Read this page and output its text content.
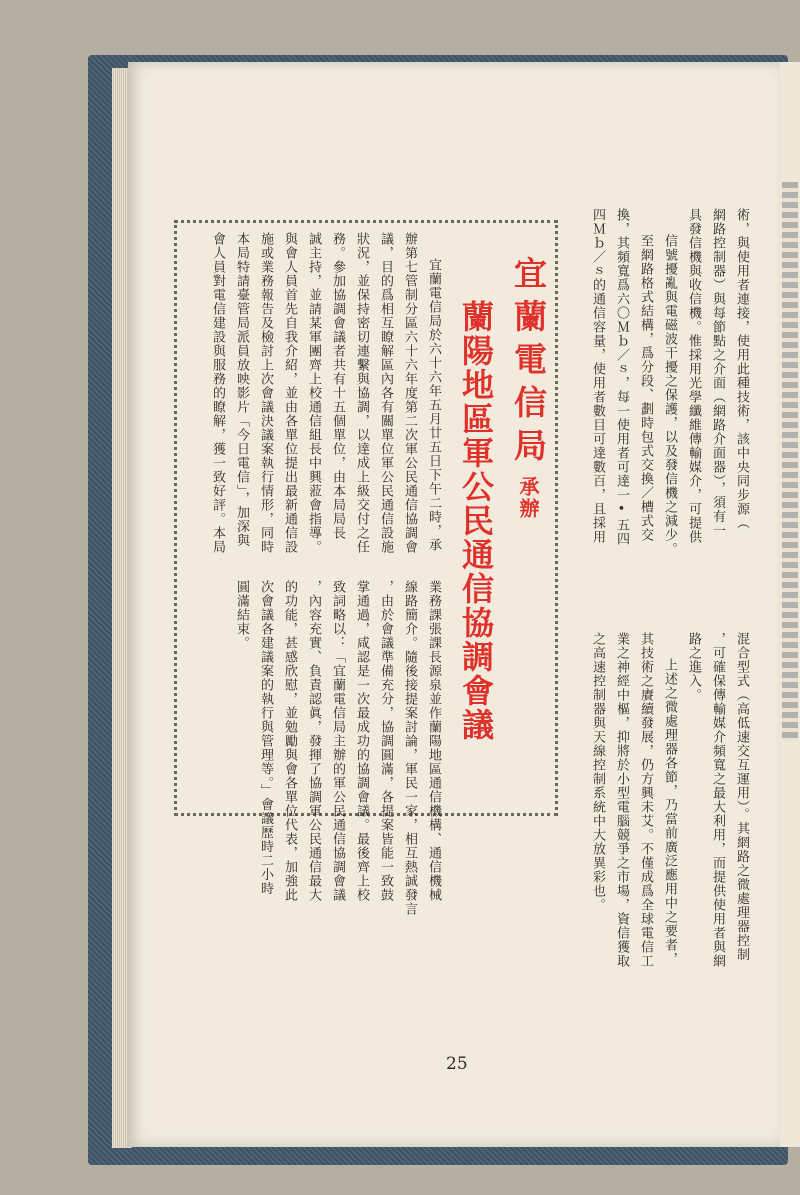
術，與使用者連接，使用此種技術，該中央同步源（
網路控制器）與每節點之介面（網路介面器），須有一
具發信機與收信機。惟採用光學纖維傳輸媒介，可提供
信號擾亂與電磁波干擾之保護，以及發信機之減少。
至網路格式結構，爲分段、劃時包式交換／槽式交
換，其頻寬爲六〇Ｍｂ／ｓ，每一使用者可達一•五四
四Ｍｂ／ｓ的通信容量，使用者數目可達數百，且採用
混合型式（高低速交互運用）。其網路之微處理器控制
，可確保傳輸媒介頻寬之最大利用，而提供使用者與網
路之進入。
上述之微處理器各節，乃當前廣泛應用中之要者，
其技術之賡續發展，仍方興未艾。不僅成爲全球電信工
業之神經中樞，抑將於小型電腦競爭之市場，資信獲取
之高速控制器與天線控制系統中大放異彩也。
宜蘭電信局
承辦
蘭陽地區軍公民通信協調會議
宜蘭電信局於六十六年五月廿五日下午二時，承
辦第七管制分區六十六年度第二次軍公民通信協調會
議，目的爲相互瞭解區內各有關單位軍公民通信設施
狀況，並保持密切連繫與協調，以達成上級交付之任
務。參加協調會議者共有十五個單位，由本局局長
誠主持，並請某軍團齊上校通信組長中興蒞會指導。
與會人員首先自我介紹，並由各單位提出最新通信設
施或業務報告及檢討上次會議決議案執行情形，同時
本局特請臺管局派員放映影片「今日電信」，加深與
會人員對電信建設與服務的瞭解，獲一致好評。本局
業務課張課長源泉並作蘭陽地區通信機構、通信機械
線路簡介。隨後接提案討論，軍民一家，相互熱誠發言
，由於會議準備充分，協調圓滿，各提案皆能一致鼓
掌通過，咸認是一次最成功的協調會議。最後齊上校
致詞略以：「宜蘭電信局主辦的軍公民通信協調會議
，內容充實、負責認眞，發揮了協調軍公民通信最大
的功能，甚感欣慰，並勉勵與會各單位代表，加強此
次會議各建議案的執行與管理等。」會議歷時二小時
圓滿結束。
25
